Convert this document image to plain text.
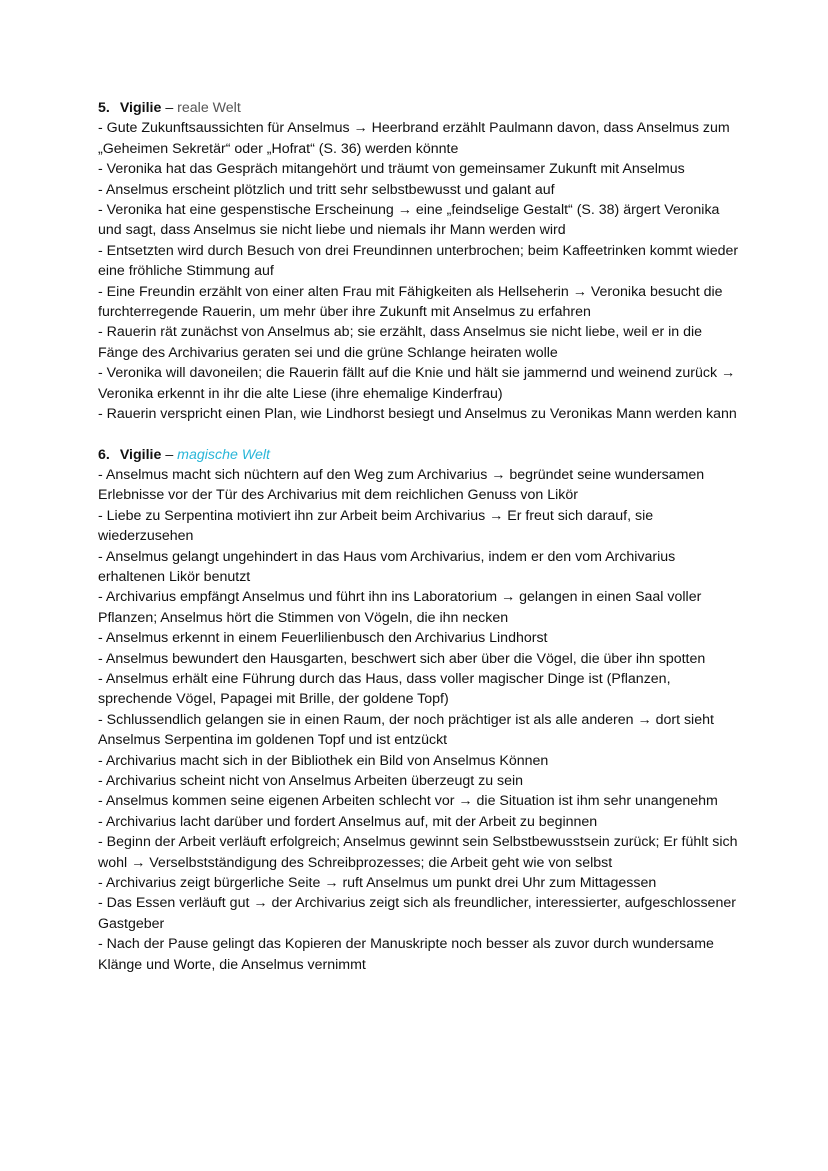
5. Vigilie – reale Welt

- Gute Zukunftsaussichten für Anselmus → Heerbrand erzählt Paulmann davon, dass Anselmus zum „Geheimen Sekretär“ oder „Hofrat“ (S. 36) werden könnte

- Veronika hat das Gespräch mitangehört und träumt von gemeinsamer Zukunft mit Anselmus

- Anselmus erscheint plötzlich und tritt sehr selbstbewusst und galant auf

- Veronika hat eine gespenstische Erscheinung → eine „feindselige Gestalt“ (S. 38) ärgert Veronika und sagt, dass Anselmus sie nicht liebe und niemals ihr Mann werden wird

- Entsetzten wird durch Besuch von drei Freundinnen unterbrochen; beim Kaffeetrinken kommt wieder eine fröhliche Stimmung auf

- Eine Freundin erzählt von einer alten Frau mit Fähigkeiten als Hellseherin → Veronika besucht die furchterregende Rauerin, um mehr über ihre Zukunft mit Anselmus zu erfahren

- Rauerin rät zunächst von Anselmus ab; sie erzählt, dass Anselmus sie nicht liebe, weil er in die Fänge des Archivarius geraten sei und die grüne Schlange heiraten wolle

- Veronika will davoneilen; die Rauerin fällt auf die Knie und hält sie jammernd und weinend zurück → Veronika erkennt in ihr die alte Liese (ihre ehemalige Kinderfrau)

- Rauerin verspricht einen Plan, wie Lindhorst besiegt und Anselmus zu Veronikas Mann werden kann

6. Vigilie – magische Welt

- Anselmus macht sich nüchtern auf den Weg zum Archivarius → begründet seine wundersamen Erlebnisse vor der Tür des Archivarius mit dem reichlichen Genuss von Likör

- Liebe zu Serpentina motiviert ihn zur Arbeit beim Archivarius → Er freut sich darauf, sie wiederzusehen

- Anselmus gelangt ungehindert in das Haus vom Archivarius, indem er den vom Archivarius erhaltenen Likör benutzt

- Archivarius empfängt Anselmus und führt ihn ins Laboratorium → gelangen in einen Saal voller Pflanzen; Anselmus hört die Stimmen von Vögeln, die ihn necken

- Anselmus erkennt in einem Feuerlilienbusch den Archivarius Lindhorst

- Anselmus bewundert den Hausgarten, beschwert sich aber über die Vögel, die über ihn spotten

- Anselmus erhält eine Führung durch das Haus, dass voller magischer Dinge ist (Pflanzen, sprechende Vögel, Papagei mit Brille, der goldene Topf)

- Schlussendlich gelangen sie in einen Raum, der noch prächtiger ist als alle anderen → dort sieht Anselmus Serpentina im goldenen Topf und ist entzückt

- Archivarius macht sich in der Bibliothek ein Bild von Anselmus Können

- Archivarius scheint nicht von Anselmus Arbeiten überzeugt zu sein

- Anselmus kommen seine eigenen Arbeiten schlecht vor → die Situation ist ihm sehr unangenehm

- Archivarius lacht darüber und fordert Anselmus auf, mit der Arbeit zu beginnen

- Beginn der Arbeit verläuft erfolgreich; Anselmus gewinnt sein Selbstbewusstsein zurück; Er fühlt sich wohl → Verselbstständigung des Schreibprozesses; die Arbeit geht wie von selbst

- Archivarius zeigt bürgerliche Seite → ruft Anselmus um punkt drei Uhr zum Mittagessen

- Das Essen verläuft gut → der Archivarius zeigt sich als freundlicher, interessierter, aufgeschlossener Gastgeber

- Nach der Pause gelingt das Kopieren der Manuskripte noch besser als zuvor durch wundersame Klänge und Worte, die Anselmus vernimmt
